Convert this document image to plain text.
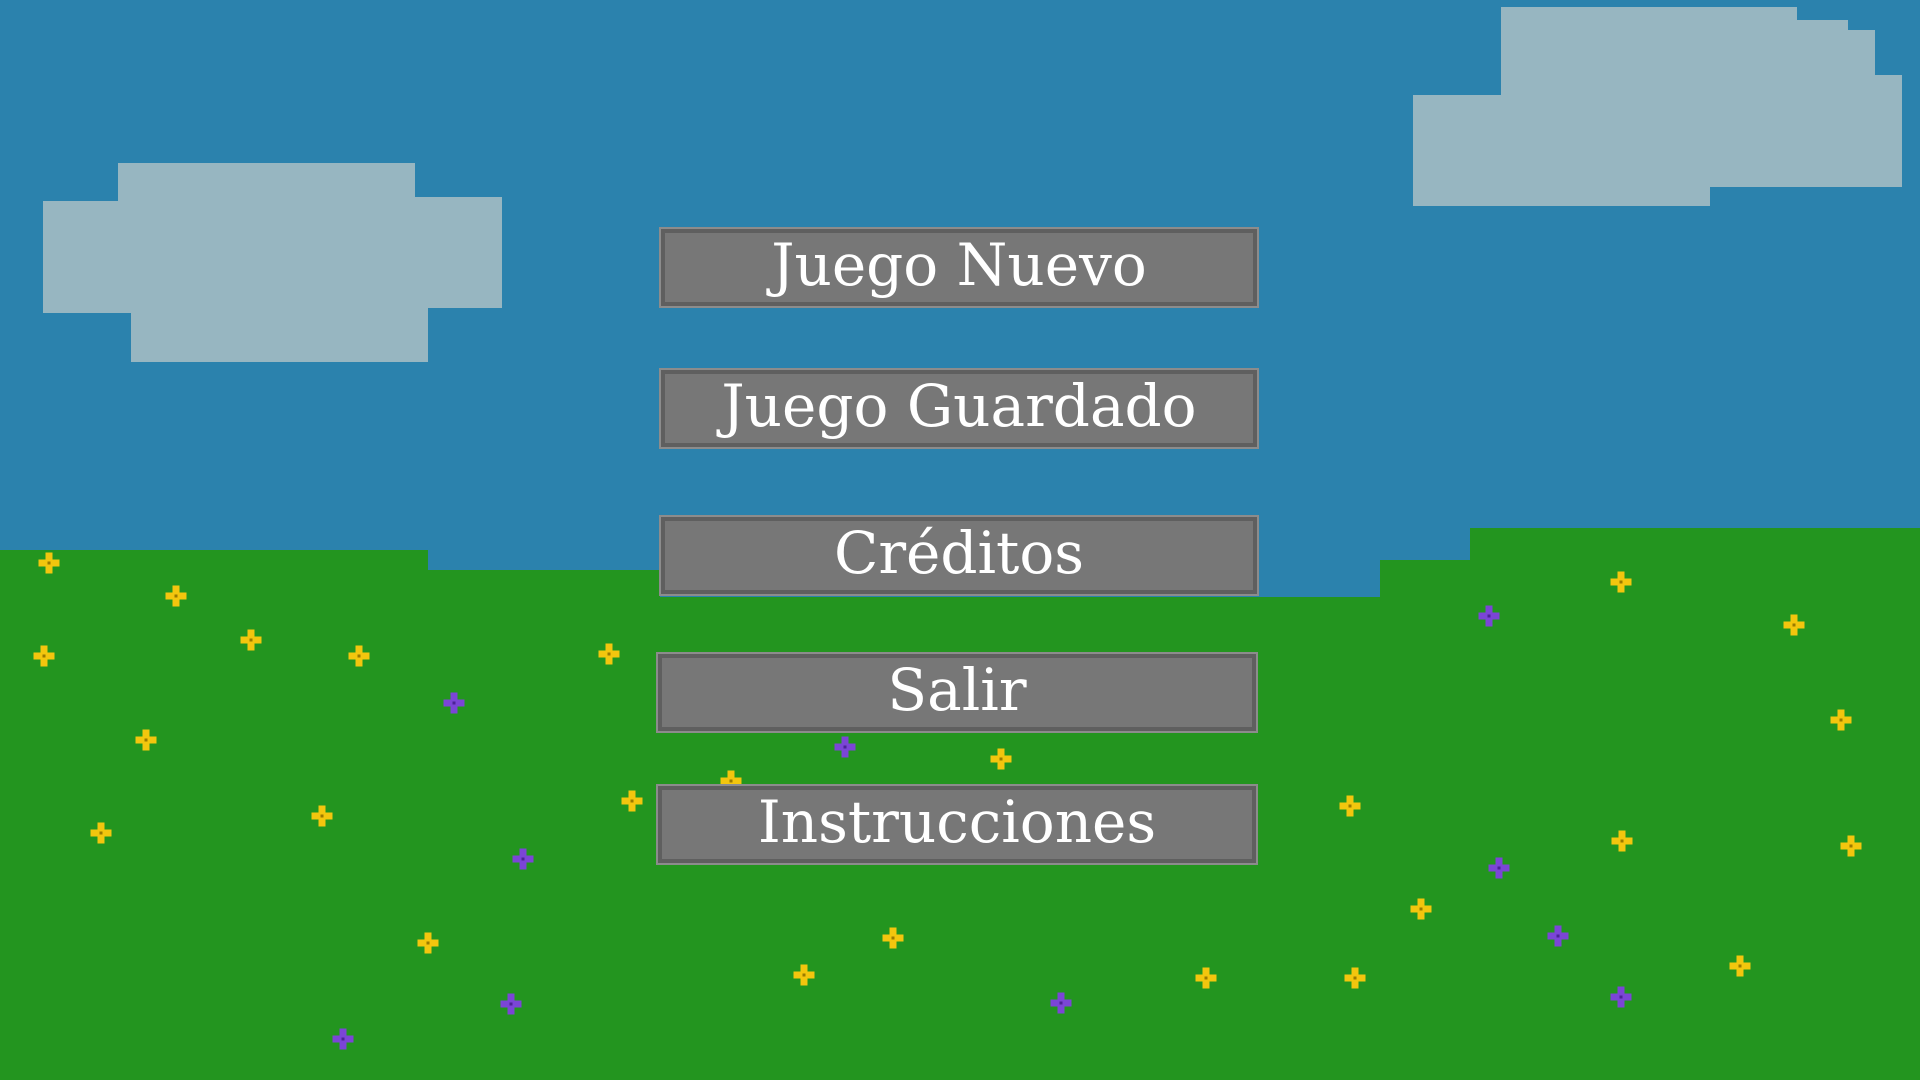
Juego Nuevo
Juego Guardado
Créditos
Salir
Instrucciones
